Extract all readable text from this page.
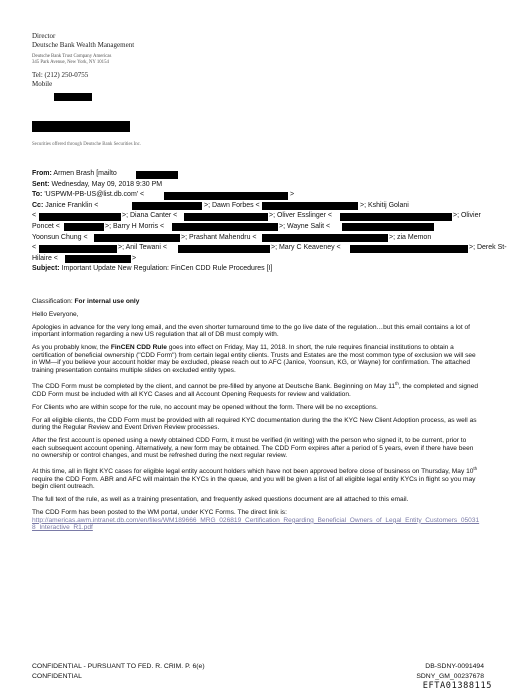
Director
Deutsche Bank Wealth Management
Deutsche Bank Trust Company Americas
345 Park Avenue, New York, NY 10154
Tel: (212) 250-0755
Mobile
Securities offered through Deutsche Bank Securities Inc.
From: Armen Brash [mailto
Sent: Wednesday, May 09, 2018 9:30 PM
To: 'USPWM-PB-US@list.db.com' <	>
Cc: Janice Franklin <	>; Dawn Forbes <	>; Kshitij Golani
<	>; Diana Canter <	>; Oliver Esslinger <	>; Olivier
Poncet <	>; Barry H Morris <	>; Wayne Salit <
Yoonsun Chung <	>; Prashant Mahendru <	>; zia Memon
<	>; Anil Tewani <	>; Mary C Keaveney <	>; Derek St-
Hilaire <	>
Subject: Important Update New Regulation: FinCen CDD Rule Procedures [I]

Classification: For internal use only

Hello Everyone,

Apologies in advance for the very long email, and the even shorter turnaround time to the go live date of the regulation…but this email contains a lot of important information regarding a new US regulation that all of DB must comply with.

As you probably know, the FinCEN CDD Rule goes into effect on Friday, May 11, 2018. In short, the rule requires financial institutions to obtain a certification of beneficial ownership ("CDD Form") from certain legal entity clients. Trusts and Estates are the most common type of exclusion we will see in WM—if you believe your account holder may be excluded, please reach out to AFC (Janice, Yoonsun, KG, or Wayne) for confirmation. The attached training presentation contains multiple slides on excluded entity types.

The CDD Form must be completed by the client, and cannot be pre-filled by anyone at Deutsche Bank. Beginning on May 11th, the completed and signed CDD Form must be included with all KYC Cases and all Account Opening Requests for review and validation.

For Clients who are within scope for the rule, no account may be opened without the form. There will be no exceptions.

For all eligible clients, the CDD Form must be provided with all required KYC documentation during the the KYC New Client Adoption process, as well as during the Regular Review and Event Driven Review processes.

After the first account is opened using a newly obtained CDD Form, it must be verified (in writing) with the person who signed it, to be current, prior to each subsequent account opening. Alternatively, a new form may be obtained. The CDD Form expires after a period of 5 years, even if there have been no ownership or control changes, and must be refreshed during the next regular review.

At this time, all in flight KYC cases for eligible legal entity account holders which have not been approved before close of business on Thursday, May 10th require the CDD Form. ABR and AFC will maintain the KYCs in the queue, and you will be given a list of all eligible legal entity KYCs in flight so you may begin client outreach.

The full text of the rule, as well as a training presentation, and frequently asked questions document are all attached to this email.

The CDD Form has been posted to the WM portal, under KYC Forms. The direct link is:
http://americas.awm.intranet.db.com/en/files/WM189666_MRG_026819_Certification_Regarding_Beneficial_Owners_of_Legal_Entity_Customers_050318_Interactive_R1.pdf

CONFIDENTIAL - PURSUANT TO FED. R. CRIM. P. 6(e)
CONFIDENTIAL
DB-SDNY-0091494
SDNY_GM_00237678
EFTA01388115
